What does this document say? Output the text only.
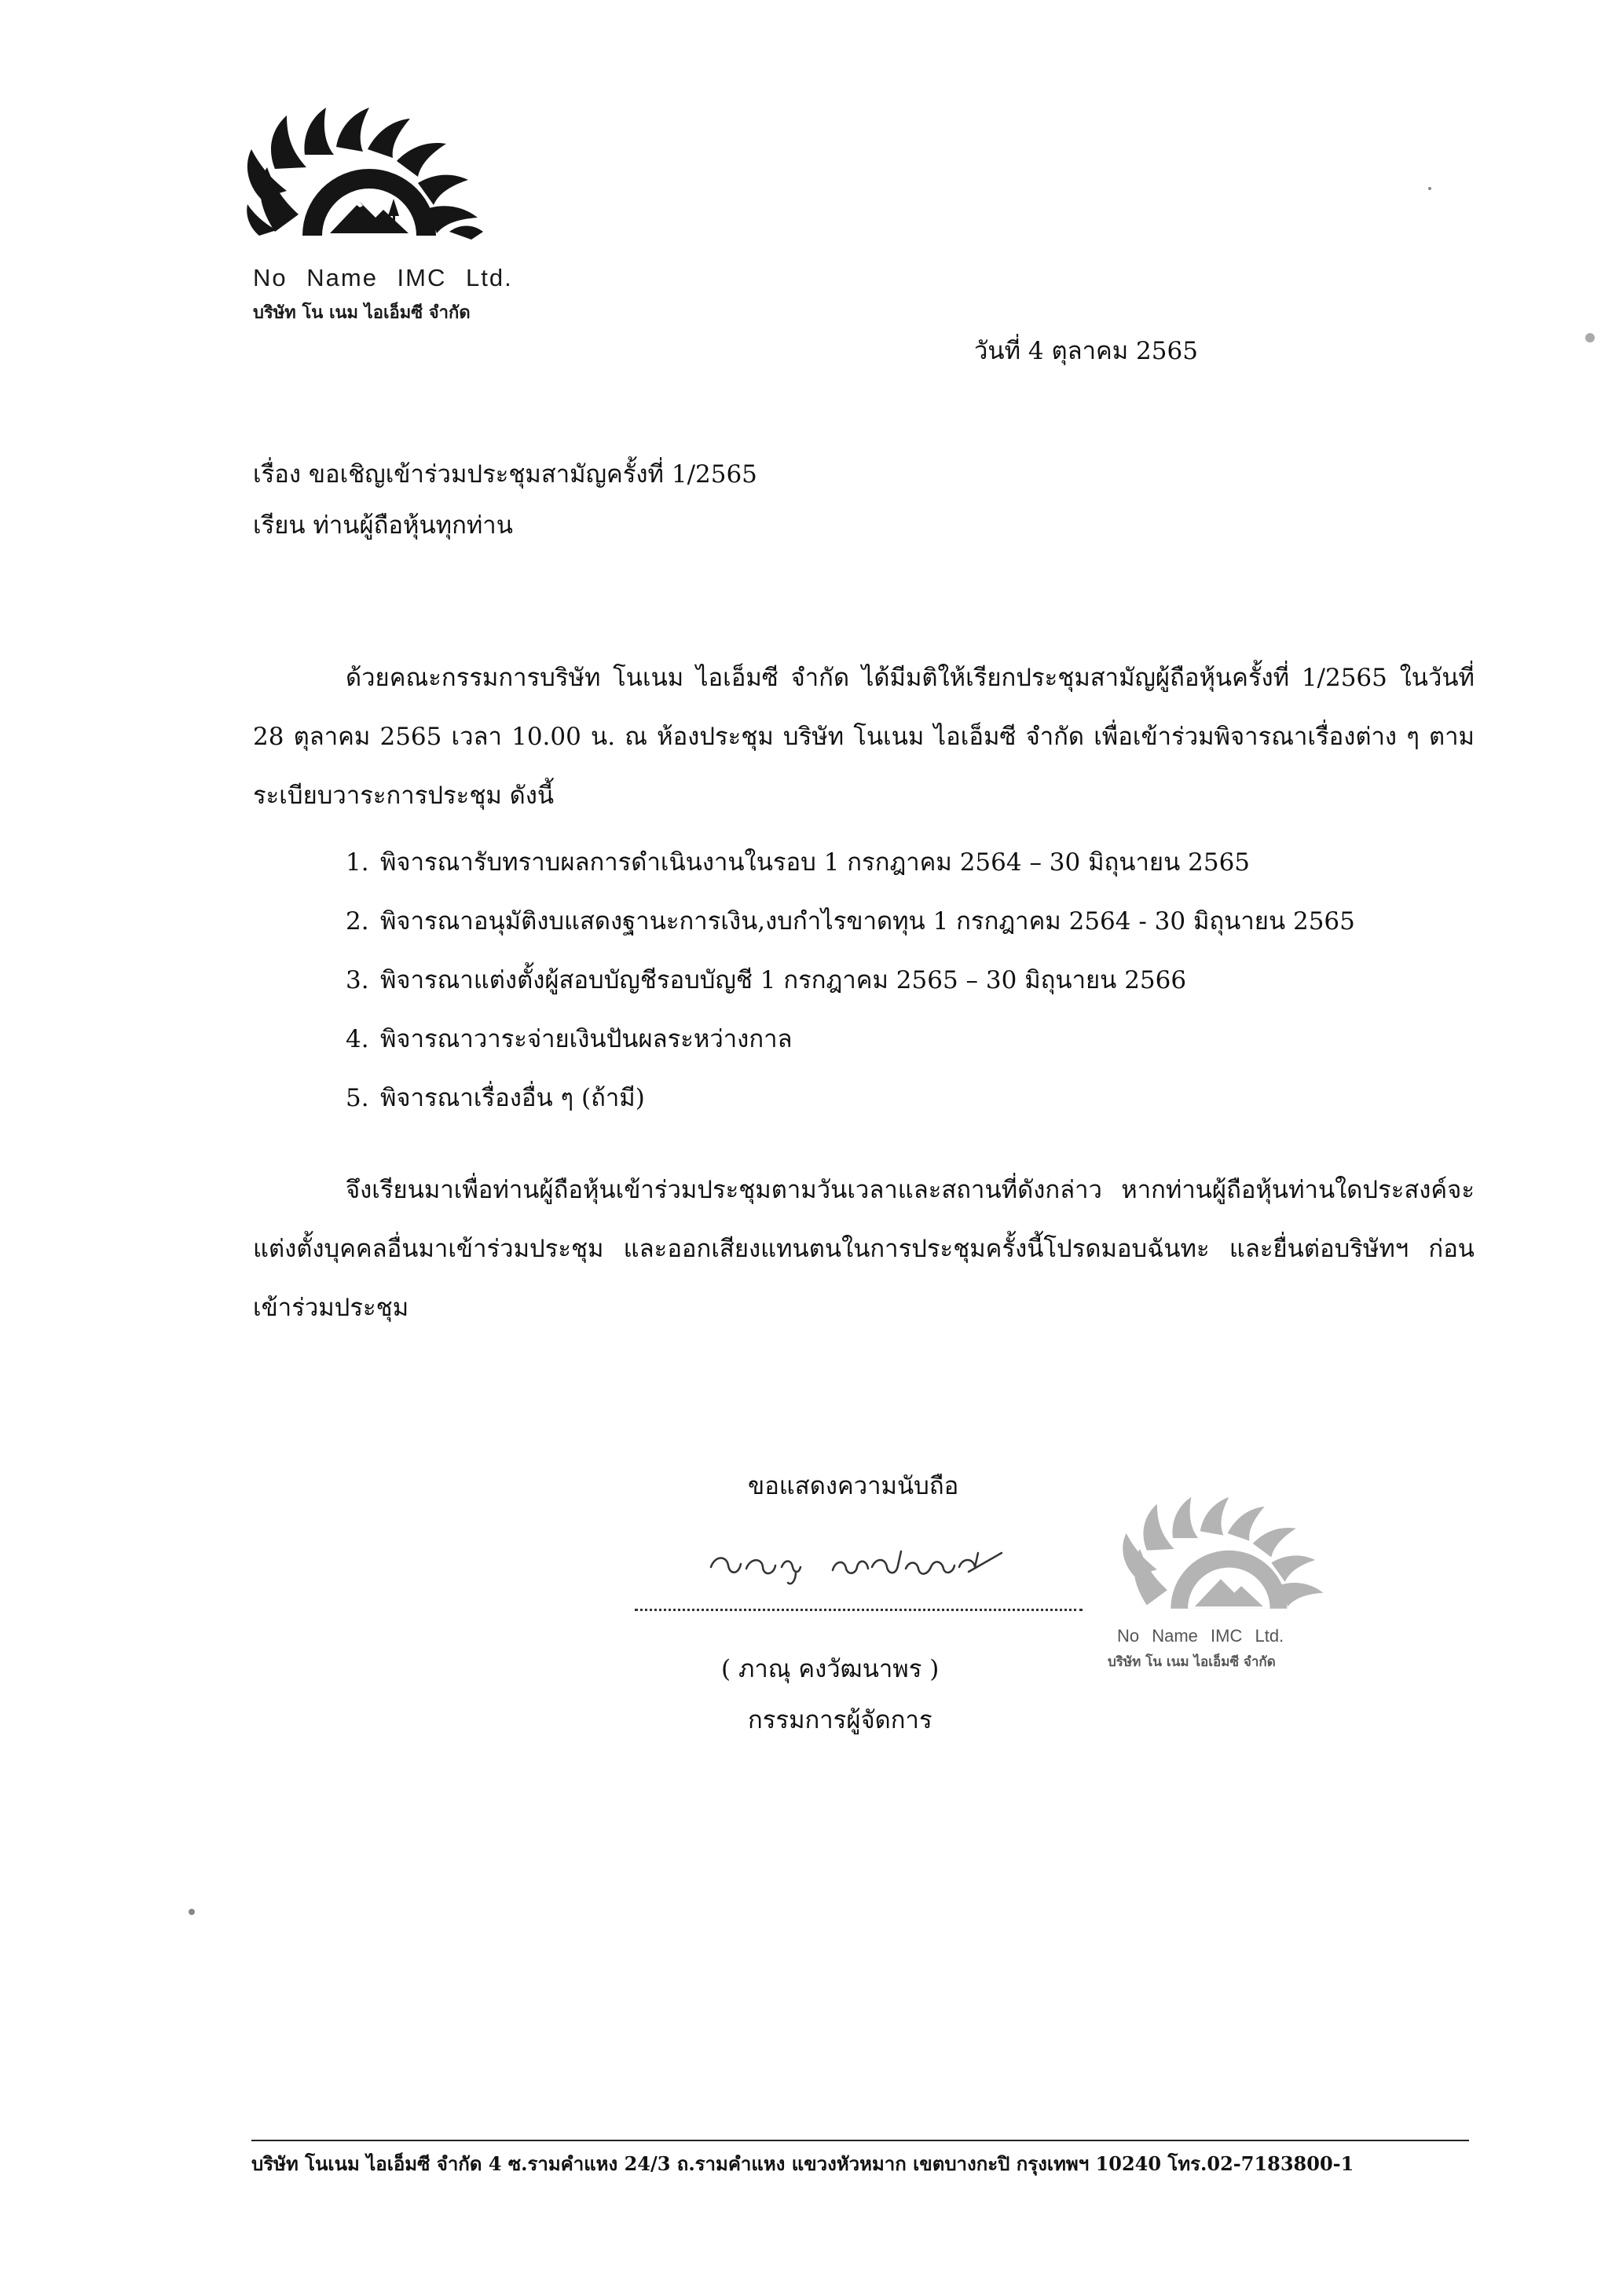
No Name IMC Ltd.
บริษัท โน เนม ไอเอ็มซี จำกัด
วันที่ 4 ตุลาคม 2565
เรื่อง ขอเชิญเข้าร่วมประชุมสามัญครั้งที่ 1/2565
เรียน ท่านผู้ถือหุ้นทุกท่าน
ด้วยคณะกรรมการบริษัท โนเนม ไอเอ็มซี จำกัด ได้มีมติให้เรียกประชุมสามัญผู้ถือหุ้นครั้งที่ 1/2565 ในวันที่ 28 ตุลาคม 2565 เวลา 10.00 น. ณ ห้องประชุม บริษัท โนเนม ไอเอ็มซี จำกัด เพื่อเข้าร่วมพิจารณาเรื่องต่าง ๆ ตามระเบียบวาระการประชุม ดังนี้
1. พิจารณารับทราบผลการดำเนินงานในรอบ 1 กรกฎาคม 2564 – 30 มิถุนายน 2565
2. พิจารณาอนุมัติงบแสดงฐานะการเงิน,งบกำไรขาดทุน 1 กรกฎาคม 2564 - 30 มิถุนายน 2565
3. พิจารณาแต่งตั้งผู้สอบบัญชีรอบบัญชี 1 กรกฎาคม 2565 – 30 มิถุนายน 2566
4. พิจารณาวาระจ่ายเงินปันผลระหว่างกาล
5. พิจารณาเรื่องอื่น ๆ (ถ้ามี)
จึงเรียนมาเพื่อท่านผู้ถือหุ้นเข้าร่วมประชุมตามวันเวลาและสถานที่ดังกล่าว หากท่านผู้ถือหุ้นท่านใดประสงค์จะแต่งตั้งบุคคลอื่นมาเข้าร่วมประชุม และออกเสียงแทนตนในการประชุมครั้งนี้โปรดมอบฉันทะ และยื่นต่อบริษัทฯ ก่อนเข้าร่วมประชุม
ขอแสดงความนับถือ
( ภาณุ คงวัฒนาพร )
กรรมการผู้จัดการ
No Name IMC Ltd.
บริษัท โน เนม ไอเอ็มซี จำกัด
บริษัท โนเนม ไอเอ็มซี จำกัด 4 ซ.รามคำแหง 24/3 ถ.รามคำแหง แขวงหัวหมาก เขตบางกะปิ กรุงเทพฯ 10240 โทร.02-7183800-1
